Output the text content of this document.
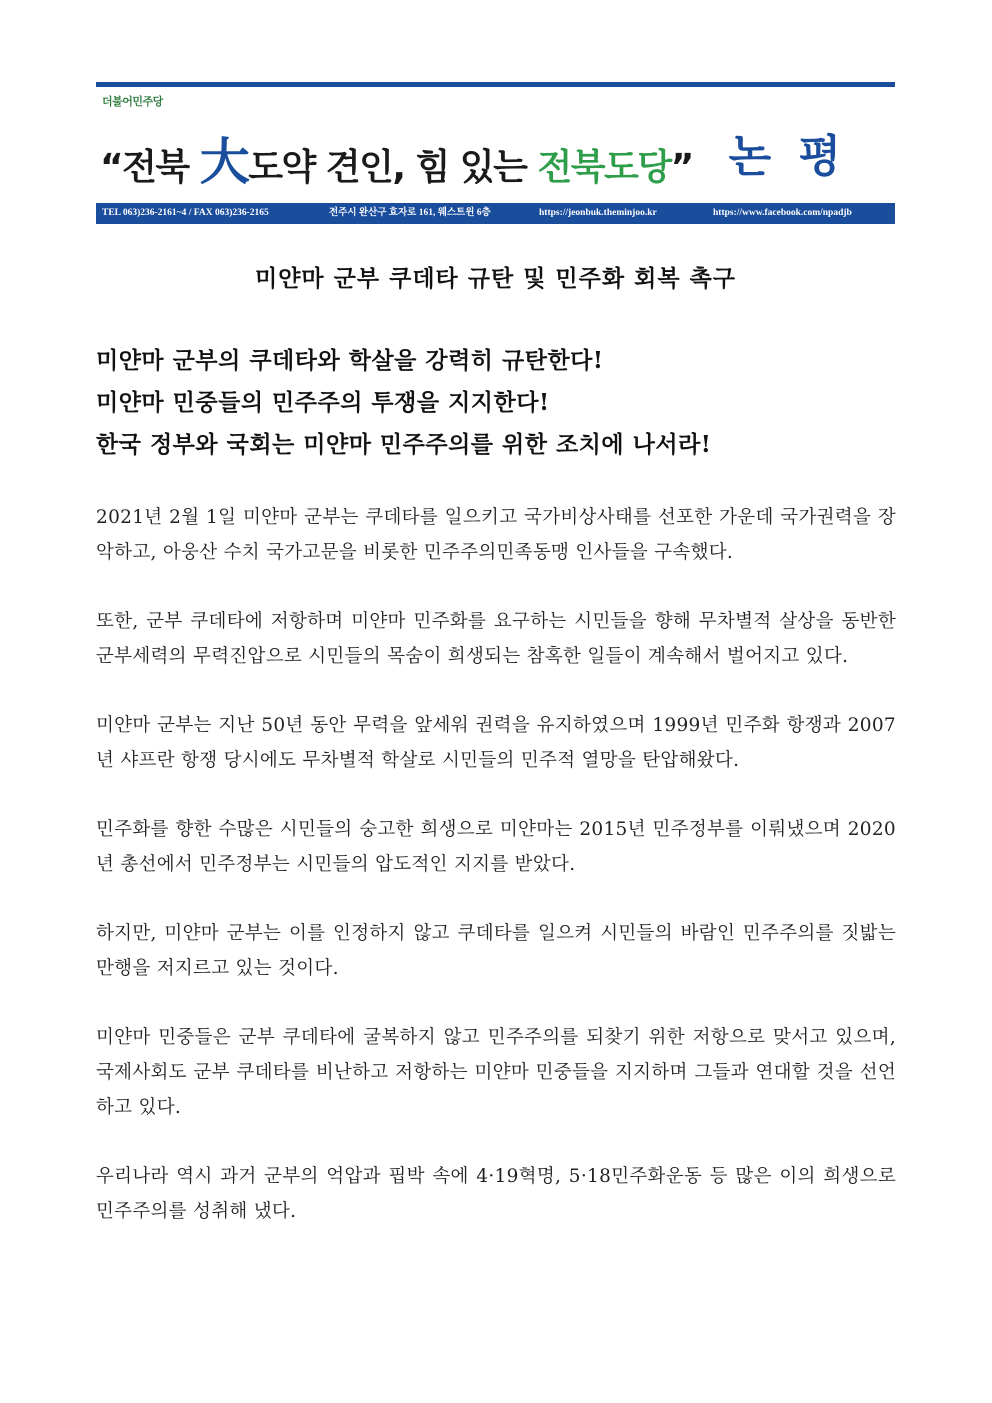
더불어민주당
“전북 大도약 견인, 힘 있는 전북도당” 논 평
TEL 063)236-2161~4 / FAX 063)236-2165	전주시 완산구 효자로 161, 웨스트윈 6층	https://jeonbuk.theminjoo.kr	https://www.facebook.com/npadjb
미얀마 군부 쿠데타 규탄 및 민주화 회복 촉구
미얀마 군부의 쿠데타와 학살을 강력히 규탄한다!
미얀마 민중들의 민주주의 투쟁을 지지한다!
한국 정부와 국회는 미얀마 민주주의를 위한 조치에 나서라!

2021년 2월 1일 미얀마 군부는 쿠데타를 일으키고 국가비상사태를 선포한 가운데 국가권력을 장악하고, 아웅산 수치 국가고문을 비롯한 민주주의민족동맹 인사들을 구속했다.

또한, 군부 쿠데타에 저항하며 미얀마 민주화를 요구하는 시민들을 향해 무차별적 살상을 동반한 군부세력의 무력진압으로 시민들의 목숨이 희생되는 참혹한 일들이 계속해서 벌어지고 있다.

미얀마 군부는 지난 50년 동안 무력을 앞세워 권력을 유지하였으며 1999년 민주화 항쟁과 2007년 샤프란 항쟁 당시에도 무차별적 학살로 시민들의 민주적 열망을 탄압해왔다.

민주화를 향한 수많은 시민들의 숭고한 희생으로 미얀마는 2015년 민주정부를 이뤄냈으며 2020년 총선에서 민주정부는 시민들의 압도적인 지지를 받았다.

하지만, 미얀마 군부는 이를 인정하지 않고 쿠데타를 일으켜 시민들의 바람인 민주주의를 짓밟는 만행을 저지르고 있는 것이다.

미얀마 민중들은 군부 쿠데타에 굴복하지 않고 민주주의를 되찾기 위한 저항으로 맞서고 있으며, 국제사회도 군부 쿠데타를 비난하고 저항하는 미얀마 민중들을 지지하며 그들과 연대할 것을 선언하고 있다.

우리나라 역시 과거 군부의 억압과 핍박 속에 4·19혁명, 5·18민주화운동 등 많은 이의 희생으로 민주주의를 성취해 냈다.
